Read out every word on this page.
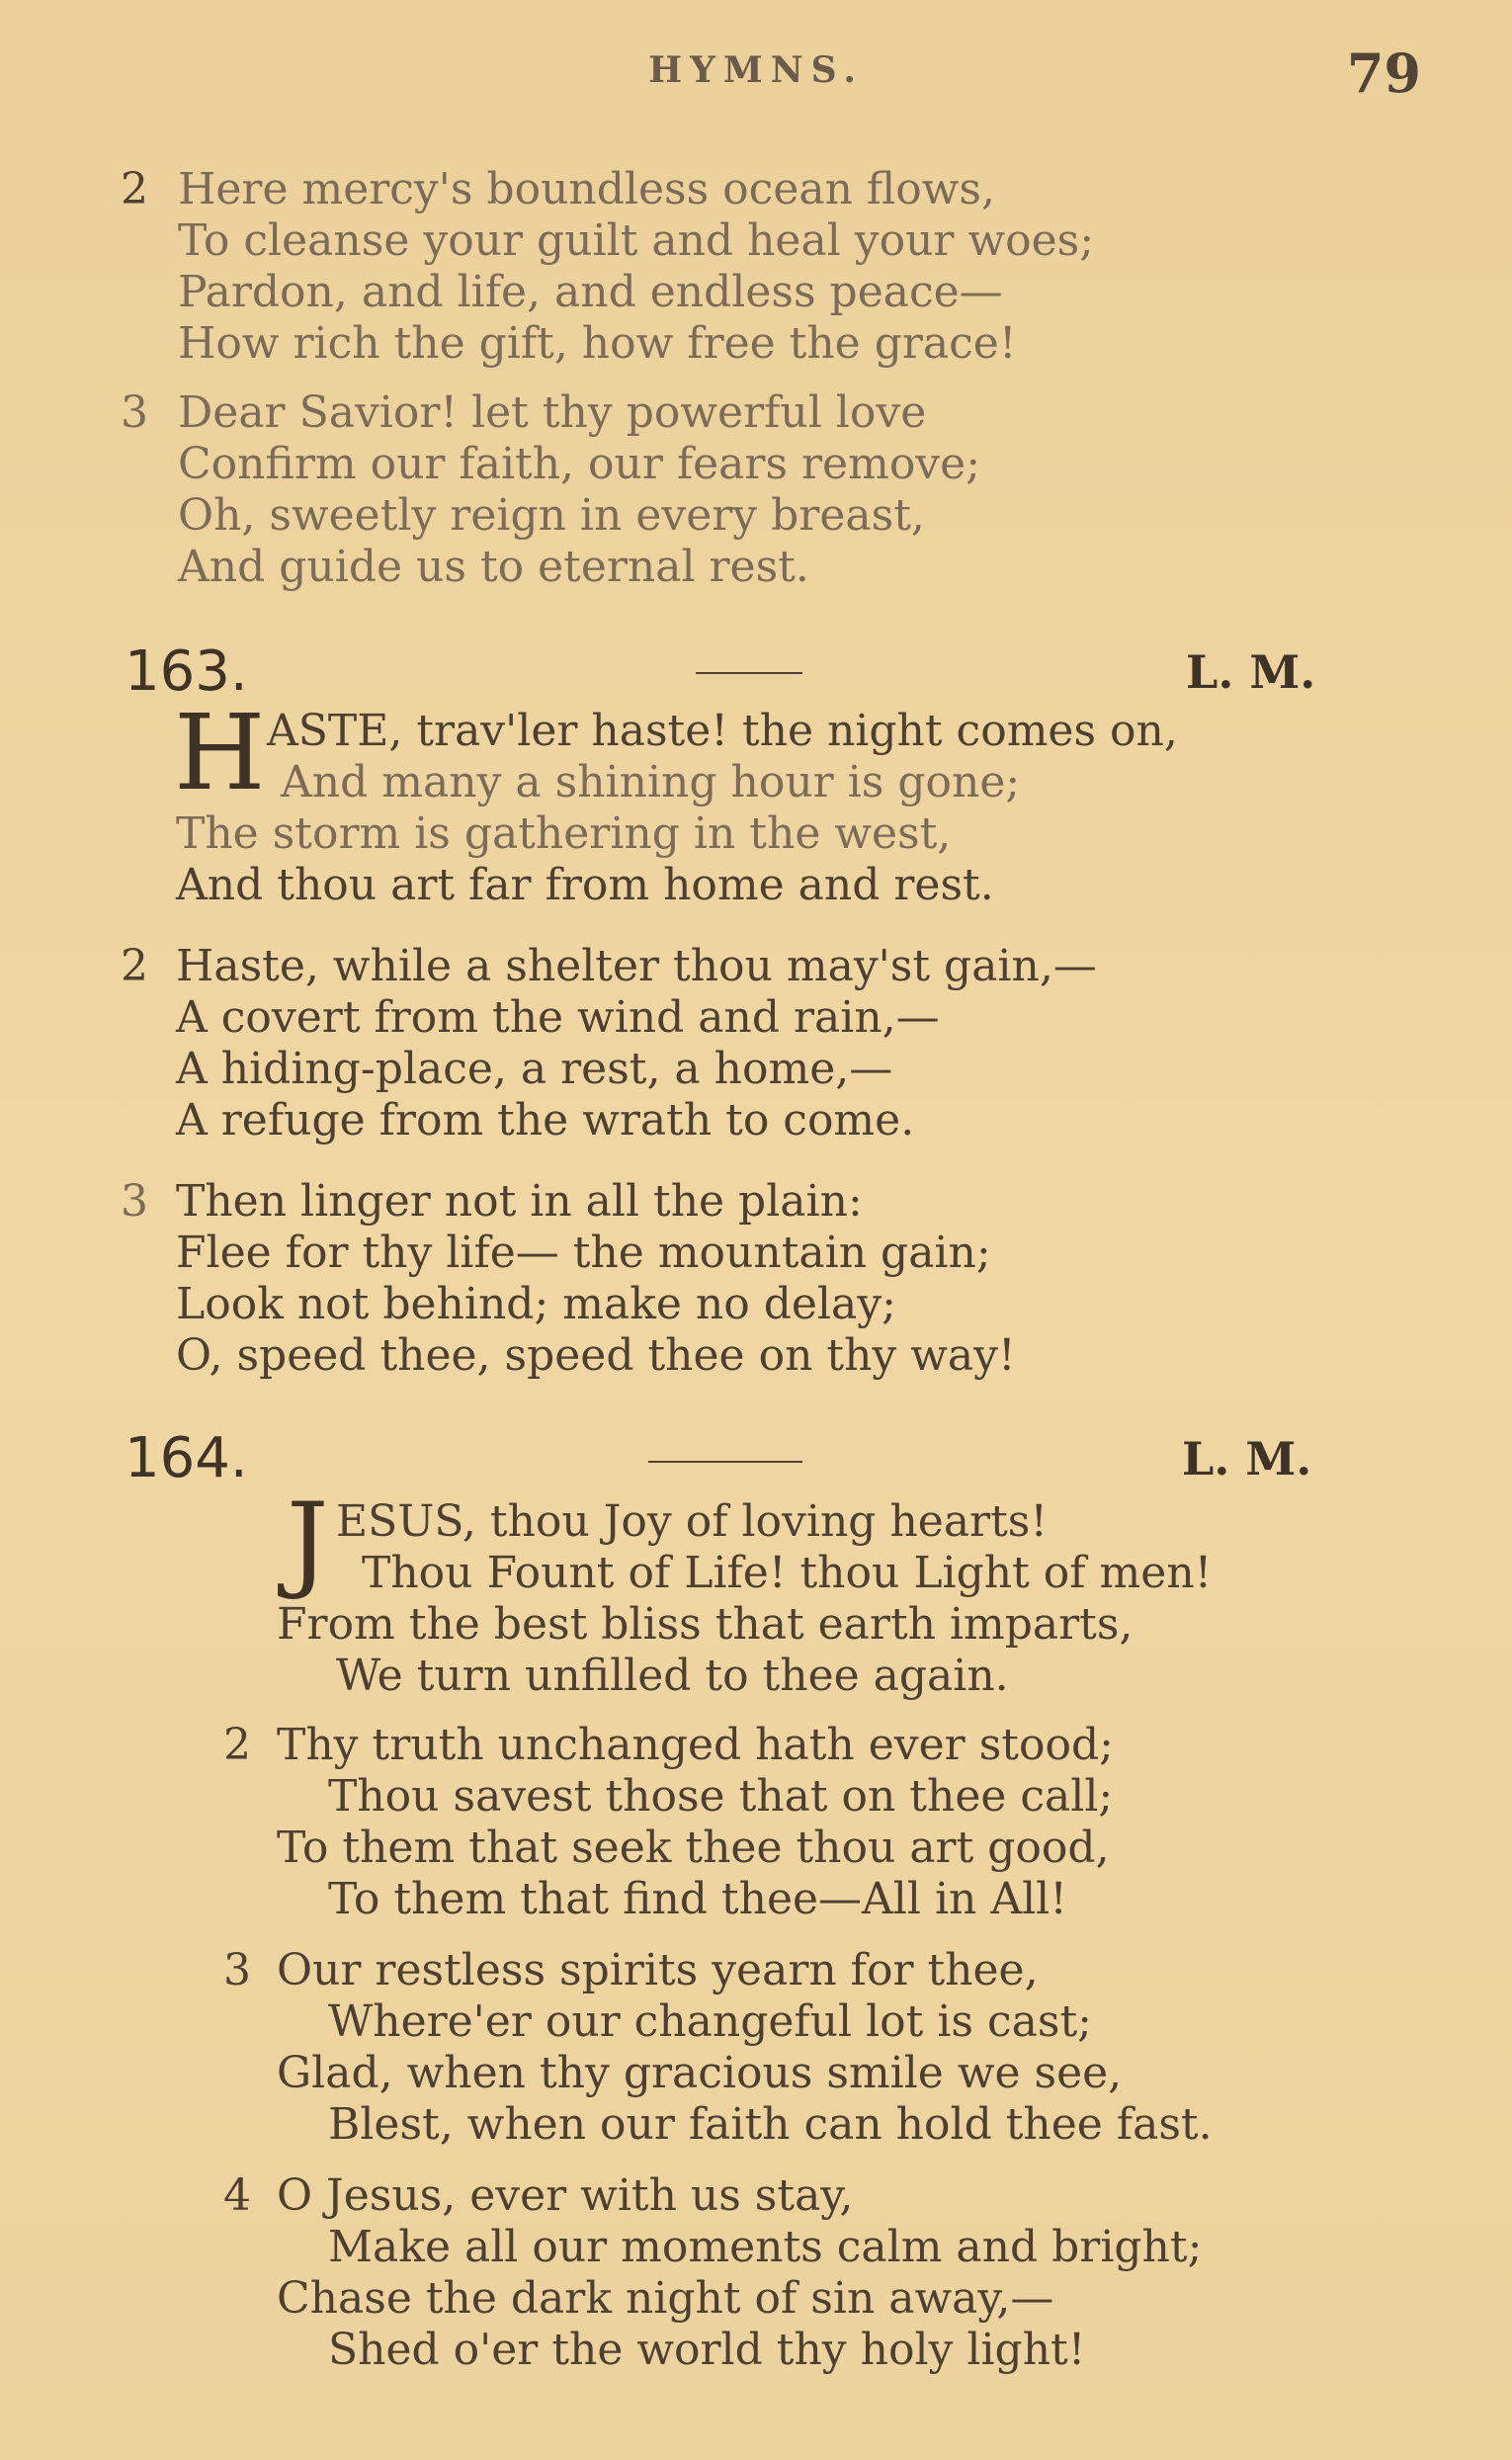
HYMNS.	79
2 Here mercy's boundless ocean flows,
To cleanse your guilt and heal your woes;
Pardon, and life, and endless peace—
How rich the gift, how free the grace!
3 Dear Savior! let thy powerful love
Confirm our faith, our fears remove;
Oh, sweetly reign in every breast,
And guide us to eternal rest.
163.	L. M.
H ASTE, trav'ler haste! the night comes on,
And many a shining hour is gone;
The storm is gathering in the west,
And thou art far from home and rest.
2 Haste, while a shelter thou may'st gain,—
A covert from the wind and rain,—
A hiding-place, a rest, a home,—
A refuge from the wrath to come.
3 Then linger not in all the plain:
Flee for thy life— the mountain gain;
Look not behind; make no delay;
O, speed thee, speed thee on thy way!
164.	L. M.
J ESUS, thou Joy of loving hearts!
Thou Fount of Life! thou Light of men!
From the best bliss that earth imparts,
We turn unfilled to thee again.
2 Thy truth unchanged hath ever stood;
Thou savest those that on thee call;
To them that seek thee thou art good,
To them that find thee—All in All!
3 Our restless spirits yearn for thee,
Where'er our changeful lot is cast;
Glad, when thy gracious smile we see,
Blest, when our faith can hold thee fast.
4 O Jesus, ever with us stay,
Make all our moments calm and bright;
Chase the dark night of sin away,—
Shed o'er the world thy holy light!
